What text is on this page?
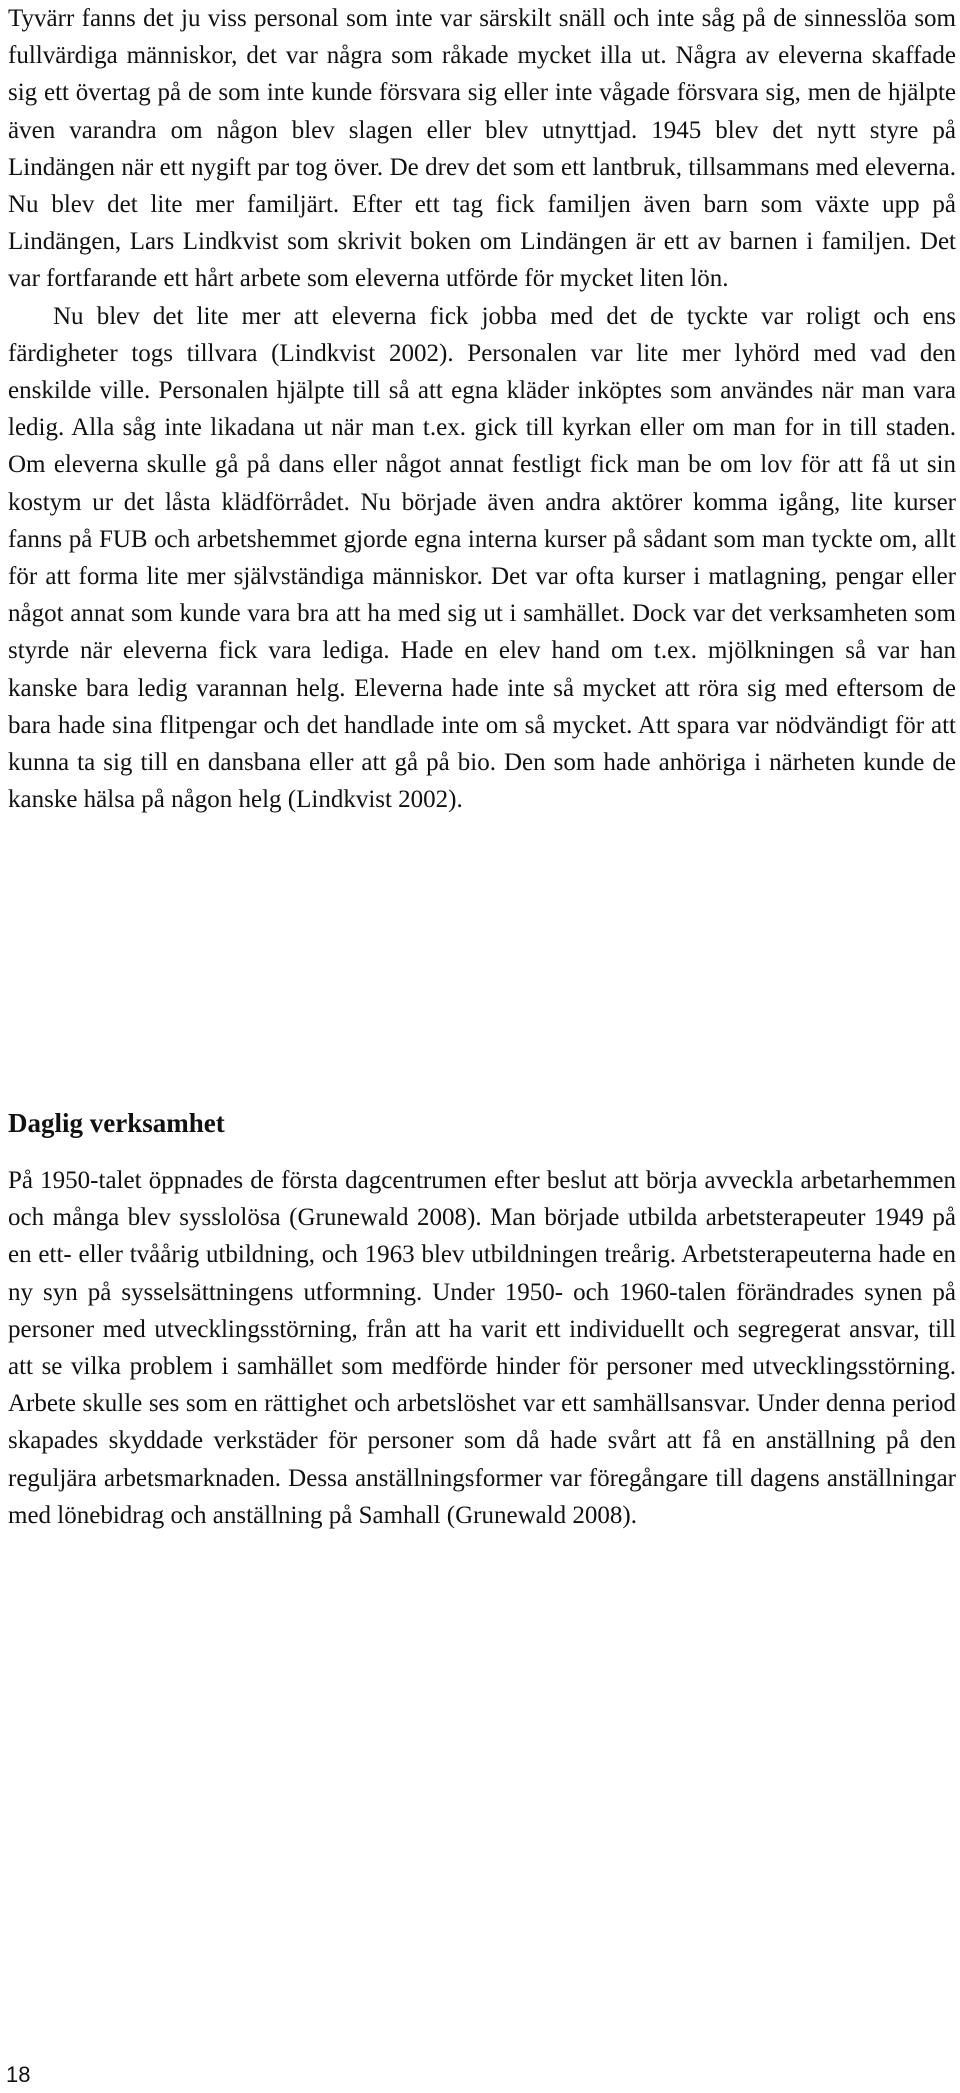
Tyvärr fanns det ju viss personal som inte var särskilt snäll och inte såg på de sinnesslöa som fullvärdiga människor, det var några som råkade mycket illa ut. Några av eleverna skaffade sig ett övertag på de som inte kunde försvara sig eller inte vågade försvara sig, men de hjälpte även varandra om någon blev slagen eller blev utnyttjad. 1945 blev det nytt styre på Lindängen när ett nygift par tog över. De drev det som ett lantbruk, tillsammans med eleverna. Nu blev det lite mer familjärt. Efter ett tag fick familjen även barn som växte upp på Lindängen, Lars Lindkvist som skrivit boken om Lindängen är ett av barnen i familjen. Det var fortfarande ett hårt arbete som eleverna utförde för mycket liten lön.

Nu blev det lite mer att eleverna fick jobba med det de tyckte var roligt och ens färdigheter togs tillvara (Lindkvist 2002). Personalen var lite mer lyhörd med vad den enskilde ville. Personalen hjälpte till så att egna kläder inköptes som användes när man vara ledig. Alla såg inte likadana ut när man t.ex. gick till kyrkan eller om man for in till staden. Om eleverna skulle gå på dans eller något annat festligt fick man be om lov för att få ut sin kostym ur det låsta klädförrådet. Nu började även andra aktörer komma igång, lite kurser fanns på FUB och arbetshemmet gjorde egna interna kurser på sådant som man tyckte om, allt för att forma lite mer självständiga människor. Det var ofta kurser i matlagning, pengar eller något annat som kunde vara bra att ha med sig ut i samhället. Dock var det verksamheten som styrde när eleverna fick vara lediga. Hade en elev hand om t.ex. mjölkningen så var han kanske bara ledig varannan helg. Eleverna hade inte så mycket att röra sig med eftersom de bara hade sina flitpengar och det handlade inte om så mycket. Att spara var nödvändigt för att kunna ta sig till en dansbana eller att gå på bio. Den som hade anhöriga i närheten kunde de kanske hälsa på någon helg (Lindkvist 2002).

Daglig verksamhet

På 1950-talet öppnades de första dagcentrumen efter beslut att börja avveckla arbetarhemmen och många blev sysslolösa (Grunewald 2008). Man började utbilda arbetsterapeuter 1949 på en ett- eller tvåårig utbildning, och 1963 blev utbildningen treårig. Arbetsterapeuterna hade en ny syn på sysselsättningens utformning. Under 1950- och 1960-talen förändrades synen på personer med utvecklingsstörning, från att ha varit ett individuellt och segregerat ansvar, till att se vilka problem i samhället som medförde hinder för personer med utvecklingsstörning. Arbete skulle ses som en rättighet och arbetslöshet var ett samhällsansvar. Under denna period skapades skyddade verkstäder för personer som då hade svårt att få en anställning på den reguljära arbetsmarknaden. Dessa anställningsformer var föregångare till dagens anställningar med lönebidrag och anställning på Samhall (Grunewald 2008).

18
